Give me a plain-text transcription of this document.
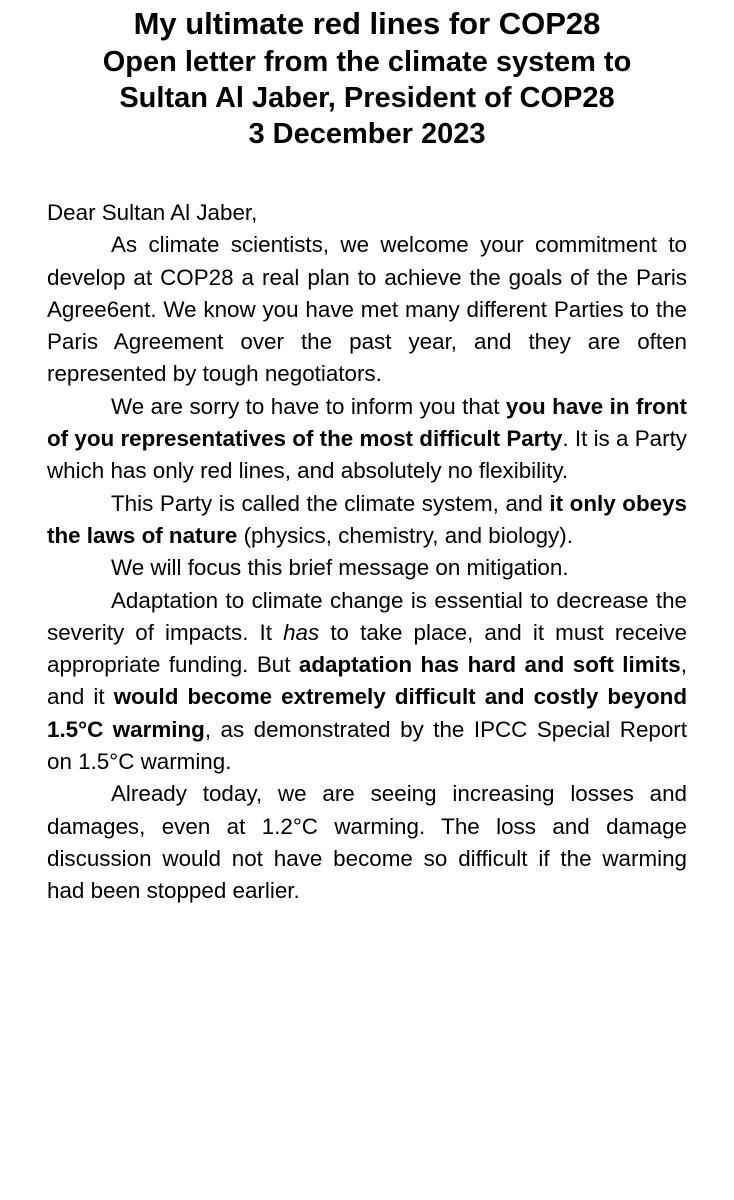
My ultimate red lines for COP28
Open letter from the climate system to
Sultan Al Jaber, President of COP28
3 December 2023

Dear Sultan Al Jaber,

As climate scientists, we welcome your commitment to develop at COP28 a real plan to achieve the goals of the Paris Agree6ent. We know you have met many different Parties to the Paris Agreement over the past year, and they are often represented by tough negotiators.

We are sorry to have to inform you that you have in front of you representatives of the most difficult Party. It is a Party which has only red lines, and absolutely no flexibility.

This Party is called the climate system, and it only obeys the laws of nature (physics, chemistry, and biology).

We will focus this brief message on mitigation.

Adaptation to climate change is essential to decrease the severity of impacts. It has to take place, and it must receive appropriate funding. But adaptation has hard and soft limits, and it would become extremely difficult and costly beyond 1.5°C warming, as demonstrated by the IPCC Special Report on 1.5°C warming.

Already today, we are seeing increasing losses and damages, even at 1.2°C warming. The loss and damage discussion would not have become so difficult if the warming had been stopped earlier.
